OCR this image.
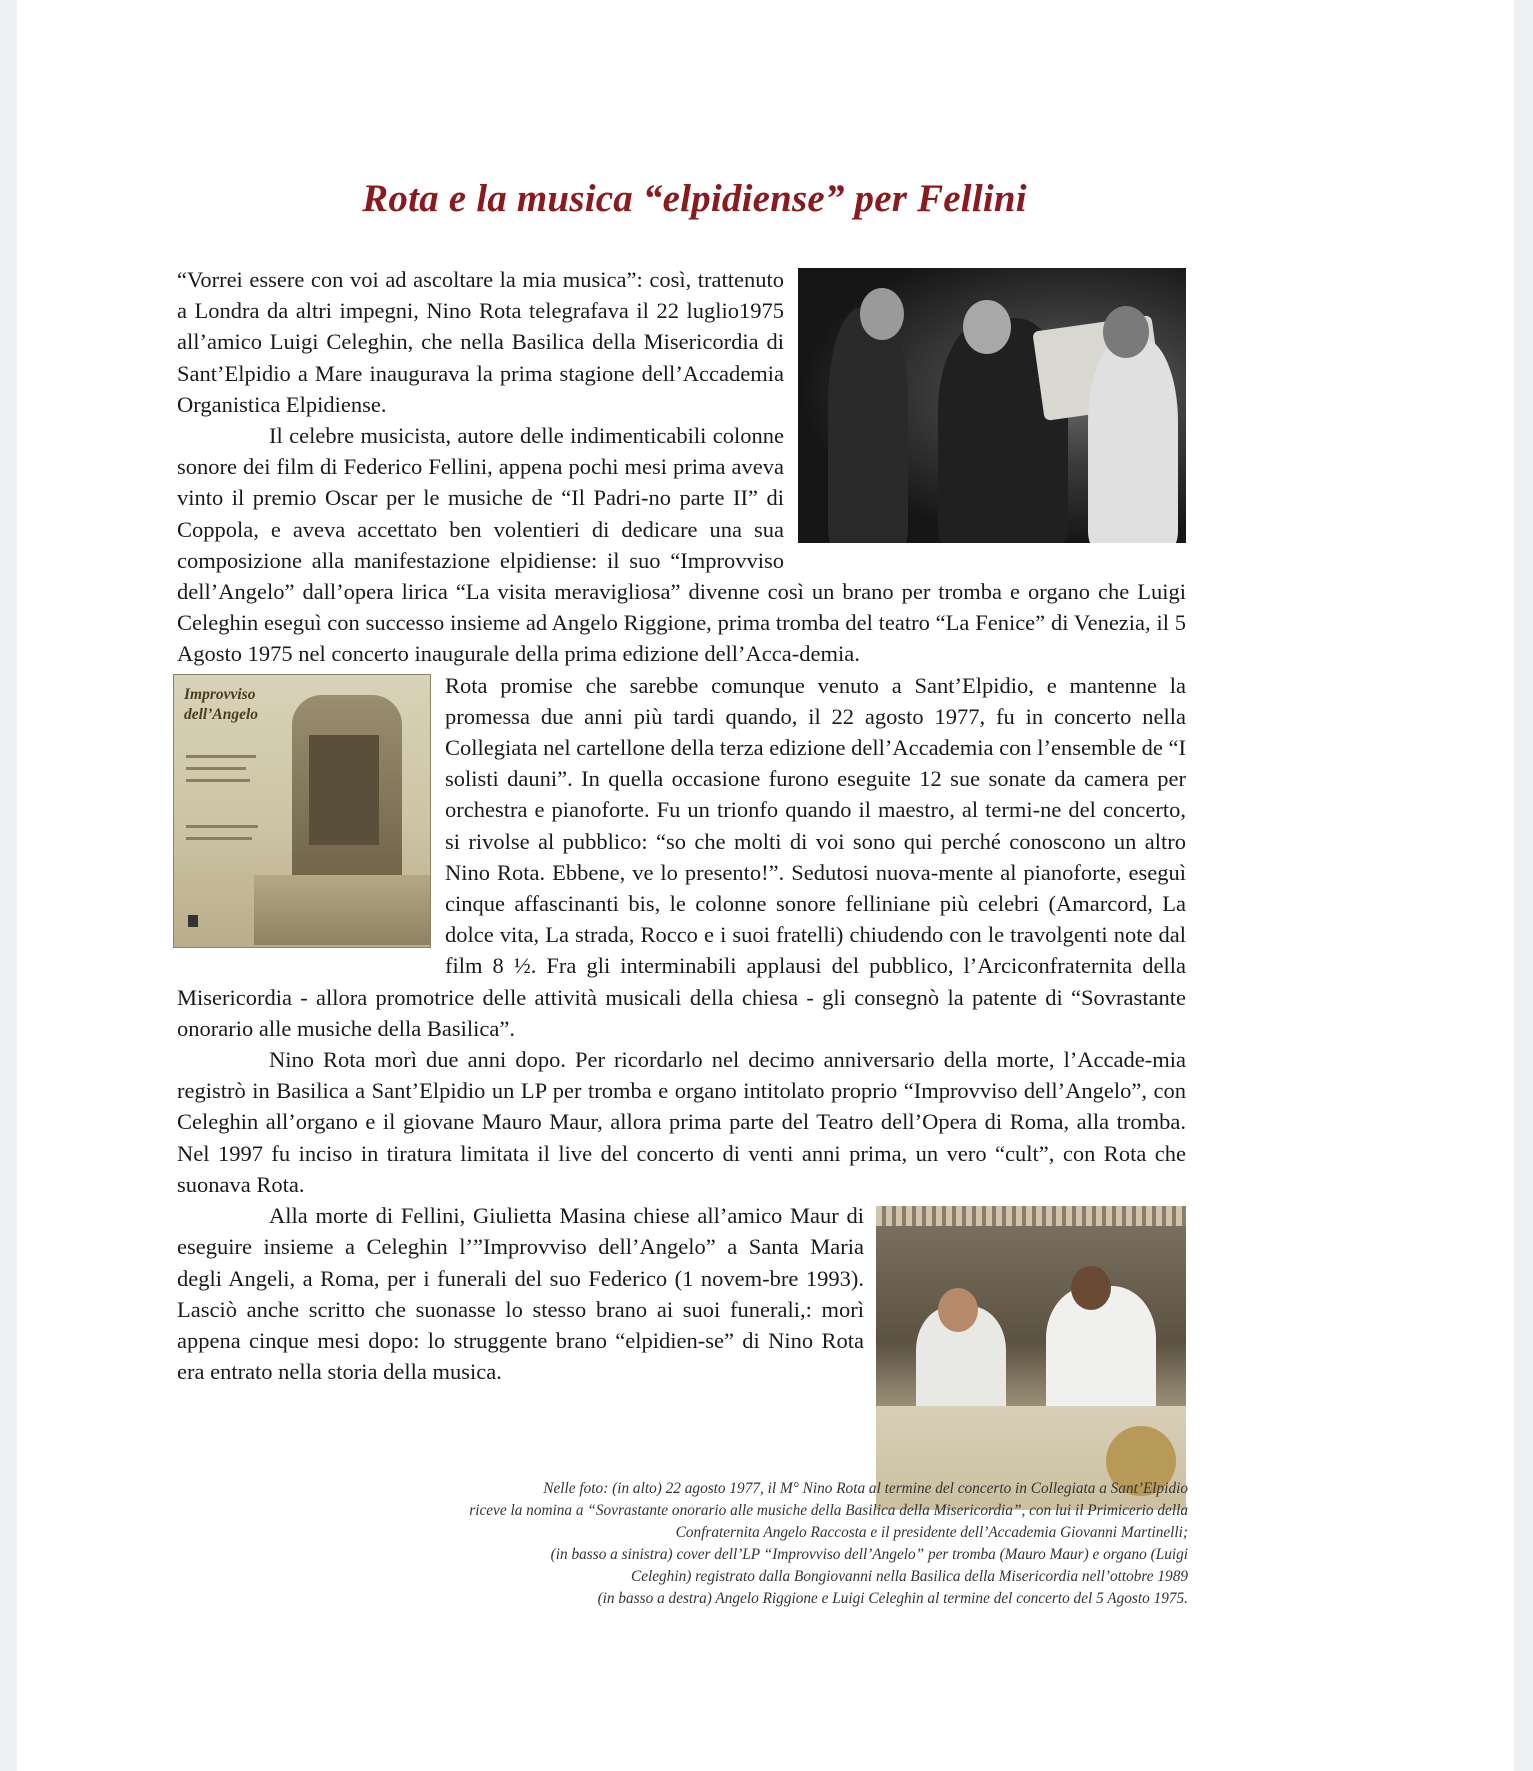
Rota e la musica “elpidiense” per Fellini

“Vorrei essere con voi ad ascoltare la mia musica”: così, trattenuto a Londra da altri impegni, Nino Rota telegrafava il 22 luglio1975 all’amico Luigi Celeghin, che nella Basilica della Misericordia di Sant’Elpidio a Mare inaugurava la prima stagione dell’Accademia Organistica Elpidiense.

Il celebre musicista, autore delle indimenticabili colonne sonore dei film di Federico Fellini, appena pochi mesi prima aveva vinto il premio Oscar per le musiche de “Il Padri-no parte II” di Coppola, e aveva accettato ben volentieri di dedicare una sua composizione alla manifestazione elpidiense: il suo “Improvviso dell’Angelo” dall’opera lirica “La visita meravigliosa” divenne così un brano per tromba e organo che Luigi Celeghin eseguì con successo insieme ad Angelo Riggione, prima tromba del teatro “La Fenice” di Venezia, il 5 Agosto 1975 nel concerto inaugurale della prima edizione dell’Acca-demia.

Improvviso
dell’Angelo

Rota promise che sarebbe comunque venuto a Sant’Elpidio, e mantenne la promessa due anni più tardi quando, il 22 agosto 1977, fu in concerto nella Collegiata nel cartellone della terza edizione dell’Accademia con l’ensemble de “I solisti dauni”. In quella occasione furono eseguite 12 sue sonate da camera per orchestra e pianoforte. Fu un trionfo quando il maestro, al termi-ne del concerto, si rivolse al pubblico: “so che molti di voi sono qui perché conoscono un altro Nino Rota. Ebbene, ve lo presento!”. Sedutosi nuova-mente al pianoforte, eseguì cinque affascinanti bis, le colonne sonore felliniane più celebri (Amarcord, La dolce vita, La strada, Rocco e i suoi fratelli) chiudendo con le travolgenti note dal film 8 ½. Fra gli interminabili applausi del pubblico, l’Arciconfraternita della Misericordia - allora promotrice delle attività musicali della chiesa - gli consegnò la patente di “Sovrastante onorario alle musiche della Basilica”.

Nino Rota morì due anni dopo. Per ricordarlo nel decimo anniversario della morte, l’Accade-mia registrò in Basilica a Sant’Elpidio un LP per tromba e organo intitolato proprio “Improvviso dell’Angelo”, con Celeghin all’organo e il giovane Mauro Maur, allora prima parte del Teatro dell’Opera di Roma, alla tromba. Nel 1997 fu inciso in tiratura limitata il live del concerto di venti anni prima, un vero “cult”, con Rota che suonava Rota.

Alla morte di Fellini, Giulietta Masina chiese all’amico Maur di eseguire insieme a Celeghin l’”Improvviso dell’Angelo” a Santa Maria degli Angeli, a Roma, per i funerali del suo Federico (1 novem-bre 1993). Lasciò anche scritto che suonasse lo stesso brano ai suoi funerali,: morì appena cinque mesi dopo: lo struggente brano “elpidien-se” di Nino Rota era entrato nella storia della musica.

Nelle foto: (in alto) 22 agosto 1977, il M° Nino Rota al termine del concerto in Collegiata a Sant’Elpidio
riceve la nomina a “Sovrastante onorario alle musiche della Basilica della Misericordia”, con lui il Primicerio della
Confraternita Angelo Raccosta e il presidente dell’Accademia Giovanni Martinelli;
(in basso a sinistra) cover dell’LP “Improvviso dell’Angelo” per tromba (Mauro Maur) e organo (Luigi
Celeghin) registrato dalla Bongiovanni nella Basilica della Misericordia nell’ottobre 1989
(in basso a destra) Angelo Riggione e Luigi Celeghin al termine del concerto del 5 Agosto 1975.
